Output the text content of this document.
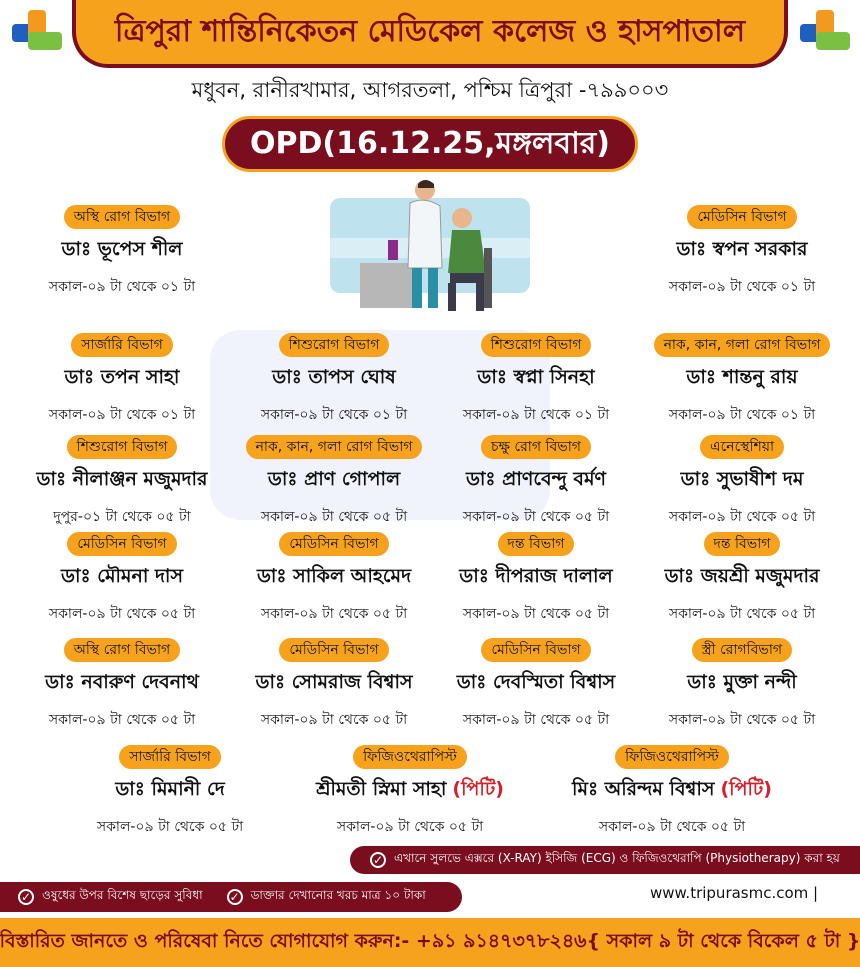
ত্রিপুরা শান্তিনিকেতন মেডিকেল কলেজ ও হাসপাতাল
মধুবন, রানীরখামার, আগরতলা, পশ্চিম ত্রিপুরা -৭৯৯০০৩
OPD(16.12.25,মঙ্গলবার)
অস্থি রোগ বিভাগ
ডাঃ ভূপেস শীল
সকাল-০৯ টা থেকে ০১ টা
মেডিসিন বিভাগ
ডাঃ স্বপন সরকার
সকাল-০৯ টা থেকে ০১ টা
সার্জারি বিভাগ
ডাঃ তপন সাহা
সকাল-০৯ টা থেকে ০১ টা
শিশুরোগ বিভাগ
ডাঃ তাপস ঘোষ
সকাল-০৯ টা থেকে ০১ টা
শিশুরোগ বিভাগ
ডাঃ স্বপ্না সিনহা
সকাল-০৯ টা থেকে ০১ টা
নাক, কান, গলা রোগ বিভাগ
ডাঃ শান্তনু রায়
সকাল-০৯ টা থেকে ০১ টা
শিশুরোগ বিভাগ
ডাঃ নীলাঞ্জন মজুমদার
দুপুর-০১ টা থেকে ০৫ টা
নাক, কান, গলা রোগ বিভাগ
ডাঃ প্রাণ গোপাল
সকাল-০৯ টা থেকে ০৫ টা
চক্ষু রোগ বিভাগ
ডাঃ প্রাণবেন্দু বর্মণ
সকাল-০৯ টা থেকে ০৫ টা
এনেস্থেশিয়া
ডাঃ সুভাষীশ দম
সকাল-০৯ টা থেকে ০৫ টা
মেডিসিন বিভাগ
ডাঃ মৌমনা দাস
সকাল-০৯ টা থেকে ০৫ টা
মেডিসিন বিভাগ
ডাঃ সাকিল আহমেদ
সকাল-০৯ টা থেকে ০৫ টা
দন্ত বিভাগ
ডাঃ দীপরাজ দালাল
সকাল-০৯ টা থেকে ০৫ টা
দন্ত বিভাগ
ডাঃ জয়শ্রী মজুমদার
সকাল-০৯ টা থেকে ০৫ টা
অস্থি রোগ বিভাগ
ডাঃ নবারুণ দেবনাথ
সকাল-০৯ টা থেকে ০৫ টা
মেডিসিন বিভাগ
ডাঃ সোমরাজ বিশ্বাস
সকাল-০৯ টা থেকে ০৫ টা
মেডিসিন বিভাগ
ডাঃ দেবস্মিতা বিশ্বাস
সকাল-০৯ টা থেকে ০৫ টা
স্ত্রী রোগবিভাগ
ডাঃ মুক্তা নন্দী
সকাল-০৯ টা থেকে ০৫ টা
সার্জারি বিভাগ
ডাঃ মিমানী দে
সকাল-০৯ টা থেকে ০৫ টা
ফিজিওথেরাপিস্ট
শ্রীমতী স্নিমা সাহা (পিটি)
সকাল-০৯ টা থেকে ০৫ টা
ফিজিওথেরাপিস্ট
মিঃ অরিন্দম বিশ্বাস (পিটি)
সকাল-০৯ টা থেকে ০৫ টা
✓ এখানে সুলভে এক্সরে (X-RAY) ইসিজি (ECG) ও ফিজিওথেরাপি (Physiotherapy) করা হয়
✓ ওষুধের উপর বিশেষ ছাড়ের সুবিধা ✓ ডাক্তার দেখানোর খরচ মাত্র ১০ টাকা	www.tripurasmc.com |
বিস্তারিত জানতে ও পরিষেবা নিতে যোগাযোগ করুন:- +৯১ ৯১৪৭৩৭৮২৪৬{ সকাল ৯ টা থেকে বিকেল ৫ টা }
